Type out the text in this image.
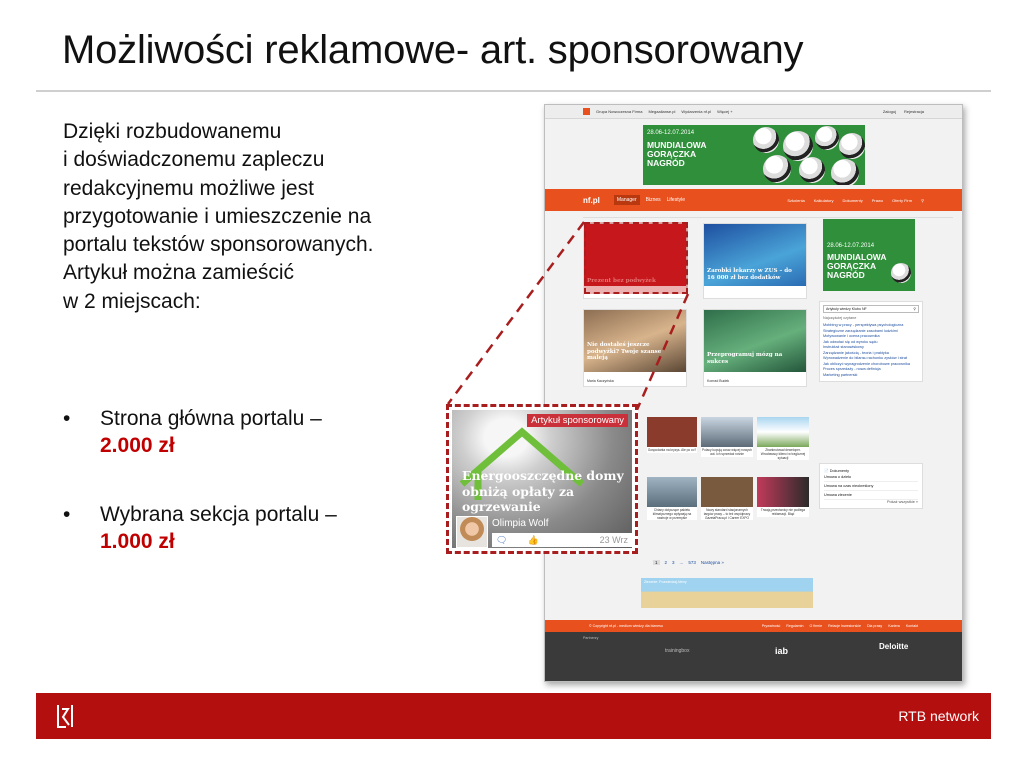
Możliwości reklamowe- art. sponsorowany
Dzięki rozbudowanemu
i doświadczonemu zapleczu
redakcyjnemu możliwe jest
przygotowanie i umieszczenie na
portalu tekstów sponsorowanych.
Artykuł można zamieścić
w 2 miejscach:
• Strona główna portalu –
2.000 zł
• Wybrana sekcja portalu –
1.000 zł
Grupa Nowoczesna Firma Megaalianse.pl Wydarzenia nf.pl Więcej +	Zaloguj Rejestracja
28.06-12.07.2014
MUNDIALOWA GORĄCZKA NAGRÓD
nf.pl	Manager	Biznes Lifestyle	Szkolenia Kalkulatory Dokumenty Prawo Oferty Firm ⚲
Prezent bez podwyżek
Zarobki lekarzy w ZUS – do 16 000 zł bez dodatków
Nie dostałeś jeszcze podwyżki? Twoje szanse maleją
Maria Kaczyńska
Przeprogramuj mózg na sukces
Konrad Budek
Gospodarka na kryzys. Ale po co?	Polacy kupują coraz więcej nowych aut. Ich sprzedaż rośnie
Zbankrutował deweloper. Wrocławscy klienci w tragicznej sytuacji
Chiany dotyczące pakietu klimatycznego wpływają na nastroje w przemyśle
Nowy standard stacjonarnych targów pracy – to też współpracy GazetaPraca.pl i Career EXPO
Trwają przeciwnicy nie podlega reklamacji. Błąd
28.06-12.07.2014
MUNDIALOWA GORĄCZKA NAGRÓD
Artykuły wiedzy Klubu NF	⚲
Najczęściej czytane
Mobbing w pracy - perspektywa psychologiczna
Strategiczne zarządzanie zasobami ludzkimi
Motywowanie i ocena pracownika
Jak odwołać się od wyroku sądu
Instruktaż stanowiskowy
Zarządzanie jakością - teoria i praktyka
Wprowadzenie do bilansu rachunku zysków i strat
Jak obliczyć wynagrodzenie chorobowe pracownika
Proces sprzedaży - nowa definicja
Marketing partnerski
📄 Dokumenty
Umowa o dzieło
Umowa na czas nieokreślony
Umowa zlecenie
Pokaż wszystkie »
1	2 3 ... 573 Następna »
Zlecenie: Pozwiedzaj Ateny
© Copyright nf.pl - medium wiedzy dla biznesu	Prywatność Regulamin O firmie Relacje Inwestorskie Dla prasy Kariera Kontakt
Partnerzy
trainingbox	iab	Deloitte
Artykuł sponsorowany
Energooszczędne domy obniżą opłaty za ogrzewanie
Olimpia Wolf
🗨 👍	23 Wrz
RTB network
